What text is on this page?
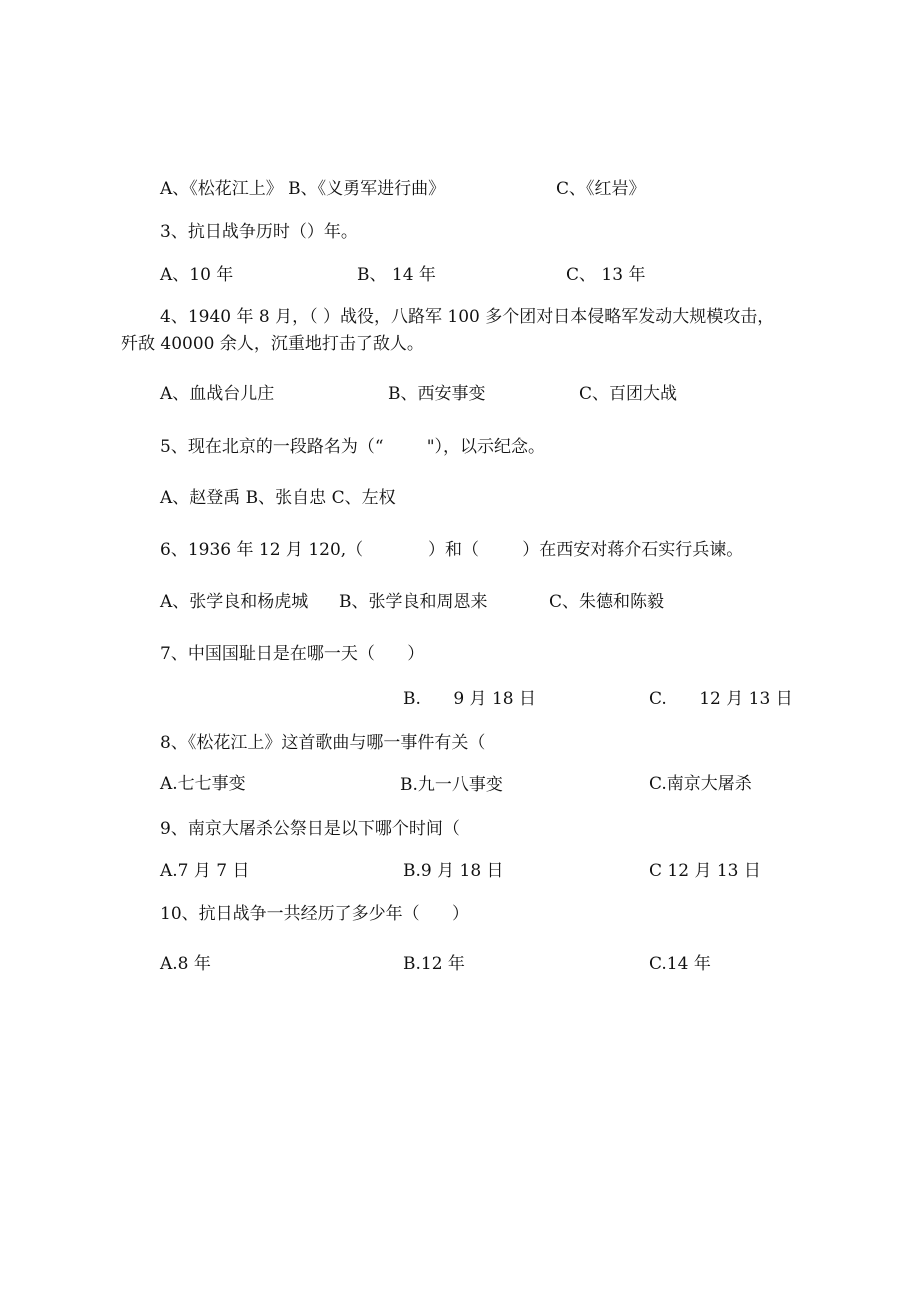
A、《松花江上》 B、《义勇军进行曲》	C、《红岩》
3、抗日战争历时（）年。
A、10 年	B、 14 年	C、 13 年
4、1940 年 8 月，（ ）战役，八路军 100 多个团对日本侵略军发动大规模攻击，
歼敌 40000 余人，沉重地打击了敌人。
A、血战台儿庄	B、西安事变	C、百团大战
5、现在北京的一段路名为（“        "），以示纪念。
A、赵登禹 B、张自忠 C、左权
6、1936 年 12 月 120,（            ）和（        ）在西安对蒋介石实行兵谏。
A、张学良和杨虎城 B、张学良和周恩来	C、朱德和陈毅
7、中国国耻日是在哪一天（      ）
B.      9 月 18 日	C.      12 月 13 日
8、《松花江上》这首歌曲与哪一事件有关（
A.七七事变	B.九一八事变	C.南京大屠杀
9、南京大屠杀公祭日是以下哪个时间（
A.7 月 7 日	B.9 月 18 日	C 12 月 13 日
10、抗日战争一共经历了多少年（      ）
A.8 年	B.12 年	C.14 年
